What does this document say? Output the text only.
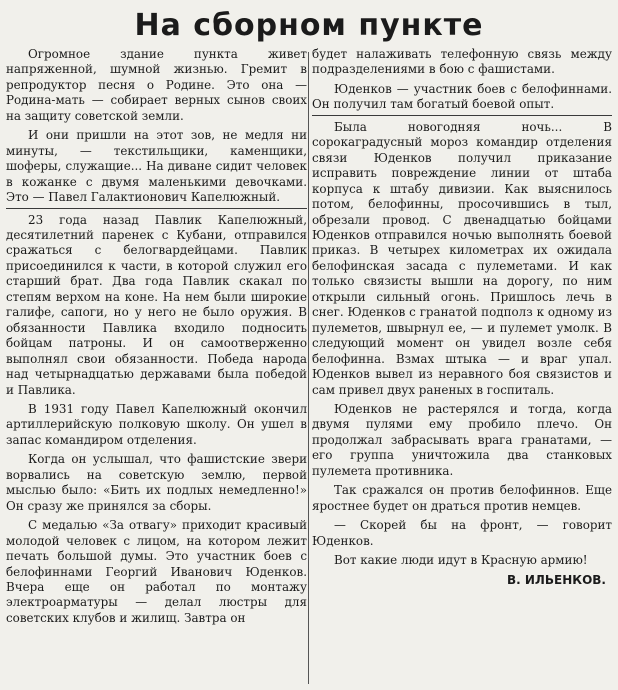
На сборном пункте

Огромное здание пункта живет напряженной, шумной жизнью. Гремит в репродуктор песня о Родине. Это она — Родина-мать — собирает верных сынов своих на защиту советской земли.

И они пришли на этот зов, не медля ни минуты, — текстильщики, каменщики, шоферы, служащие... На диване сидит человек в кожанке с двумя маленькими девочками. Это — Павел Галактионович Капелюжный.

23 года назад Павлик Капелюжный, десятилетний паренек с Кубани, отправился сражаться с белогвардейцами. Павлик присоединился к части, в которой служил его старший брат. Два года Павлик скакал по степям верхом на коне. На нем были широкие галифе, сапоги, но у него не было оружия. В обязанности Павлика входило подносить бойцам патроны. И он самоотверженно выполнял свои обязанности. Победа народа над четырнадцатью державами была победой и Павлика.

В 1931 году Павел Капелюжный окончил артиллерийскую полковую школу. Он ушел в запас командиром отделения.

Когда он услышал, что фашистские звери ворвались на советскую землю, первой мыслью было: «Бить их подлых немедленно!» Он сразу же принялся за сборы.

С медалью «За отвагу» приходит красивый молодой человек с лицом, на котором лежит печать большой думы. Это участник боев с белофиннами Георгий Иванович Юденков. Вчера еще он работал по монтажу электроарматуры — делал люстры для советских клубов и жилищ. Завтра он

будет налаживать телефонную связь между подразделениями в бою с фашистами.

Юденков — участник боев с белофиннами. Он получил там богатый боевой опыт.

Была новогодняя ночь... В сорокаградусный мороз командир отделения связи Юденков получил приказание исправить повреждение линии от штаба корпуса к штабу дивизии. Как выяснилось потом, белофинны, просочившись в тыл, обрезали провод. С двенадцатью бойцами Юденков отправился ночью выполнять боевой приказ. В четырех километрах их ожидала белофинская засада с пулеметами. И как только связисты вышли на дорогу, по ним открыли сильный огонь. Пришлось лечь в снег. Юденков с гранатой подполз к одному из пулеметов, швырнул ее, — и пулемет умолк. В следующий момент он увидел возле себя белофинна. Взмах штыка — и враг упал. Юденков вывел из неравного боя связистов и сам привел двух раненых в госпиталь.

Юденков не растерялся и тогда, когда двумя пулями ему пробило плечо. Он продолжал забрасывать врага гранатами, — его группа уничтожила два станковых пулемета противника.

Так сражался он против белофиннов. Еще яростнее будет он драться против немцев.

— Скорей бы на фронт, — говорит Юденков.

Вот какие люди идут в Красную армию!

В. ИЛЬЕНКОВ.
